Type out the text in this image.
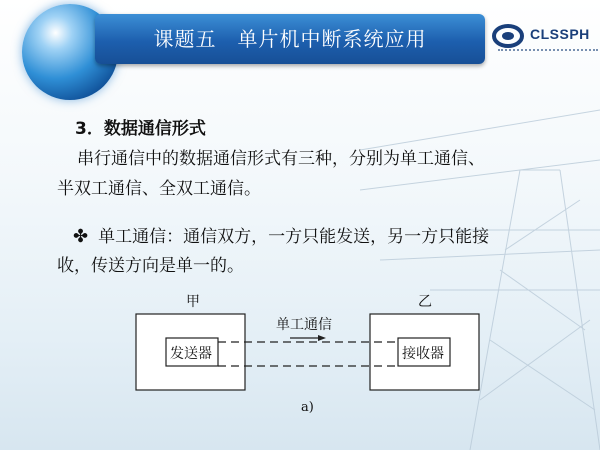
课题五　单片机中断系统应用	CLSSPH
3．数据通信形式
串行通信中的数据通信形式有三种，分别为单工通信、
半双工通信、全双工通信。
✤ 单工通信：通信双方，一方只能发送，另一方只能接
收，传送方向是单一的。
甲	乙
发送器	接收器
单工通信
a)
